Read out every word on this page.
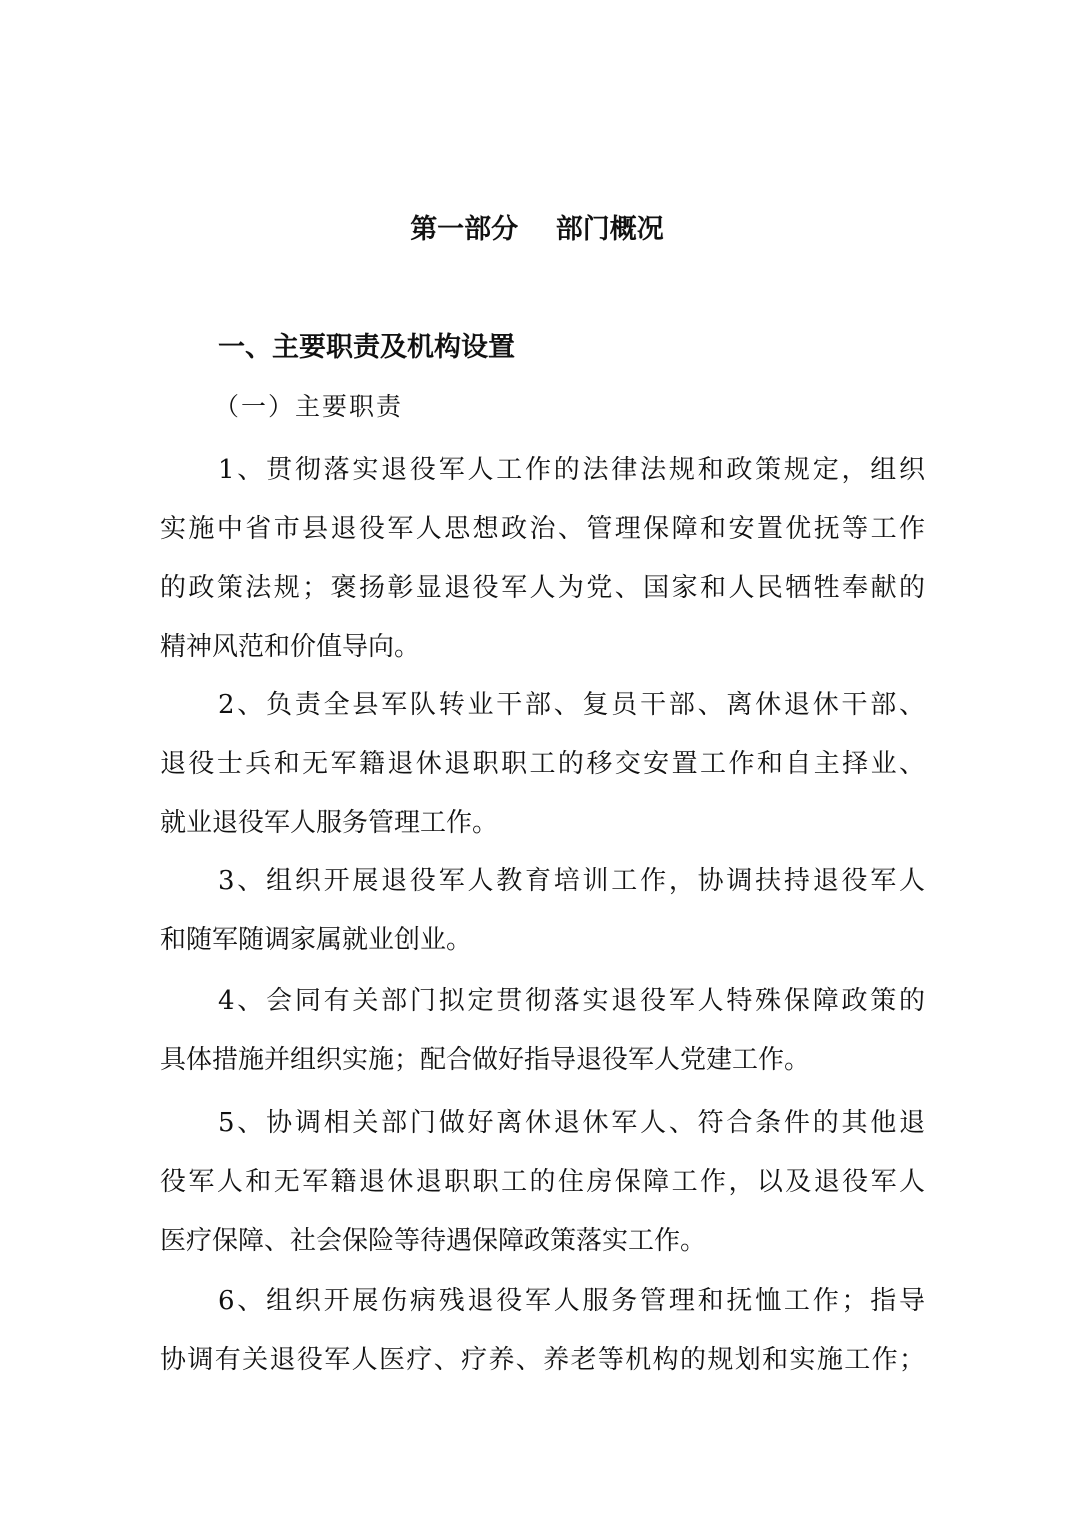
第一部分    部门概况
一、主要职责及机构设置
（一）主要职责
1、贯彻落实退役军人工作的法律法规和政策规定，组织
实施中省市县退役军人思想政治、管理保障和安置优抚等工作
的政策法规；褒扬彰显退役军人为党、国家和人民牺牲奉献的
精神风范和价值导向。
2、负责全县军队转业干部、复员干部、离休退休干部、
退役士兵和无军籍退休退职职工的移交安置工作和自主择业、
就业退役军人服务管理工作。
3、组织开展退役军人教育培训工作，协调扶持退役军人
和随军随调家属就业创业。
4、会同有关部门拟定贯彻落实退役军人特殊保障政策的
具体措施并组织实施；配合做好指导退役军人党建工作。
5、协调相关部门做好离休退休军人、符合条件的其他退
役军人和无军籍退休退职职工的住房保障工作，以及退役军人
医疗保障、社会保险等待遇保障政策落实工作。
6、组织开展伤病残退役军人服务管理和抚恤工作；指导
协调有关退役军人医疗、疗养、养老等机构的规划和实施工作；
